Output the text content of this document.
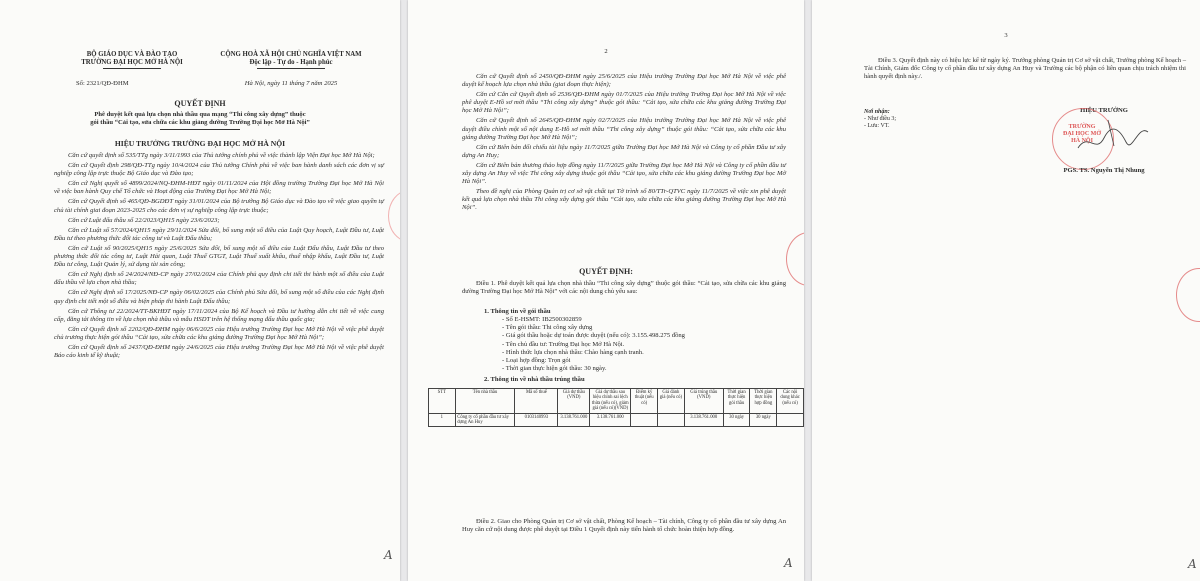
BỘ GIÁO DỤC VÀ ĐÀO TẠO
TRƯỜNG ĐẠI HỌC MỞ HÀ NỘI
Số: 2321/QĐ-ĐHM
CỘNG HOÀ XÃ HỘI CHỦ NGHĨA VIỆT NAM
Độc lập - Tự do - Hạnh phúc
Hà Nội, ngày 11 tháng 7 năm 2025
QUYẾT ĐỊNH
Phê duyệt kết quả lựa chọn nhà thầu qua mạng “Thi công xây dựng” thuộc
gói thầu “Cải tạo, sửa chữa các khu giảng đường Trường Đại học Mở Hà Nội”
HIỆU TRƯỞNG TRƯỜNG ĐẠI HỌC MỞ HÀ NỘI

Căn cứ quyết định số 535/TTg ngày 3/11/1993 của Thủ tướng chính phủ về việc thành lập Viện Đại học Mở Hà Nội;

Căn cứ Quyết định 298/QĐ-TTg ngày 10/4/2024 của Thủ tướng Chính phủ về việc ban hành danh sách các đơn vị sự nghiệp công lập trực thuộc Bộ Giáo dục và Đào tạo;

Căn cứ Nghị quyết số 4899/2024/NQ-ĐHM-HĐT ngày 01/11/2024 của Hội đồng trường Trường Đại học Mở Hà Nội về việc ban hành Quy chế Tổ chức và Hoạt động của Trường Đại học Mở Hà Nội;

Căn cứ Quyết định số 465/QĐ-BGDĐT ngày 31/01/2024 của Bộ trưởng Bộ Giáo dục và Đào tạo về việc giao quyền tự chủ tài chính giai đoạn 2023-2025 cho các đơn vị sự nghiệp công lập trực thuộc;

Căn cứ Luật đấu thầu số 22/2023/QH15 ngày 23/6/2023;

Căn cứ Luật số 57/2024/QH15 ngày 29/11/2024 Sửa đổi, bổ sung một số điều của Luật Quy hoạch, Luật Đầu tư, Luật Đầu tư theo phương thức đối tác công tư và Luật Đấu thầu;

Căn cứ Luật số 90/2025/QH15 ngày 25/6/2025 Sửa đổi, bổ sung một số điều của Luật Đấu thầu, Luật Đầu tư theo phương thức đối tác công tư, Luật Hải quan, Luật Thuế GTGT, Luật Thuế xuất khẩu, thuế nhập khẩu, Luật Đầu tư, Luật Đầu tư công, Luật Quản lý, sử dụng tài sản công;

Căn cứ Nghị định số 24/2024/NĐ-CP ngày 27/02/2024 của Chính phủ quy định chi tiết thi hành một số điều của Luật đấu thầu về lựa chọn nhà thầu;

Căn cứ Nghị định số 17/2025/NĐ-CP ngày 06/02/2025 của Chính phủ Sửa đổi, bổ sung một số điều của các Nghị định quy định chi tiết một số điều và biện pháp thi hành Luật Đấu thầu;

Căn cứ Thông tư 22/2024/TT-BKHĐT ngày 17/11/2024 của Bộ Kế hoạch và Đầu tư hướng dẫn chi tiết về việc cung cấp, đăng tải thông tin về lựa chọn nhà thầu và mẫu HSDT trên hệ thống mạng đấu thầu quốc gia;

Căn cứ Quyết định số 2202/QĐ-ĐHM ngày 06/6/2025 của Hiệu trưởng Trường Đại học Mở Hà Nội về việc phê duyệt chủ trương thực hiện gói thầu “Cải tạo, sửa chữa các khu giảng đường Trường Đại học Mở Hà Nội”;

Căn cứ Quyết định số 2437/QĐ-ĐHM ngày 24/6/2025 của Hiệu trưởng Trường Đại học Mở Hà Nội về việc phê duyệt Báo cáo kinh tế kỹ thuật;

A
2

Căn cứ Quyết định số 2450/QĐ-ĐHM ngày 25/6/2025 của Hiệu trưởng Trường Đại học Mở Hà Nội về việc phê duyệt kế hoạch lựa chọn nhà thầu (giai đoạn thực hiện);

Căn cứ Căn cứ Quyết định số 2536/QĐ-ĐHM ngày 01/7/2025 của Hiệu trưởng Trường Đại học Mở Hà Nội về việc phê duyệt E-Hồ sơ mời thầu “Thi công xây dựng” thuộc gói thầu: “Cải tạo, sửa chữa các khu giảng đường Trường Đại học Mở Hà Nội”;

Căn cứ Quyết định số 2645/QĐ-ĐHM ngày 02/7/2025 của Hiệu trưởng Trường Đại học Mở Hà Nội về việc phê duyệt điều chỉnh một số nội dung E-Hồ sơ mời thầu “Thi công xây dựng” thuộc gói thầu: “Cải tạo, sửa chữa các khu giảng đường Trường Đại học Mở Hà Nội”;

Căn cứ Biên bản đối chiếu tài liệu ngày 11/7/2025 giữa Trường Đại học Mở Hà Nội và Công ty cổ phần Đầu tư xây dựng An Huy;

Căn cứ Biên bản thương thảo hợp đồng ngày 11/7/2025 giữa Trường Đại học Mở Hà Nội và Công ty cổ phần đầu tư xây dựng An Huy về việc Thi công xây dựng thuộc gói thầu “Cải tạo, sửa chữa các khu giảng đường Trường Đại học Mở Hà Nội”.

Theo đề nghị của Phòng Quản trị cơ sở vật chất tại Tờ trình số 80/TTr-QTVC ngày 11/7/2025 về việc xin phê duyệt kết quả lựa chọn nhà thầu Thi công xây dựng gói thầu “Cải tạo, sửa chữa các khu giảng đường Trường Đại học Mở Hà Nội”.

QUYẾT ĐỊNH:

Điều 1. Phê duyệt kết quả lựa chọn nhà thầu “Thi công xây dựng” thuộc gói thầu: “Cải tạo, sửa chữa các khu giảng đường Trường Đại học Mở Hà Nội” với các nội dung chủ yếu sau:

1. Thông tin về gói thầu
- Số E-HSMT: IB2500302859
- Tên gói thầu: Thi công xây dựng
- Giá gói thầu hoặc dự toán được duyệt (nếu có): 3.155.498.275 đồng
- Tên chủ đầu tư: Trường Đại học Mở Hà Nội.
- Hình thức lựa chọn nhà thầu: Chào hàng cạnh tranh.
- Loại hợp đồng: Trọn gói
- Thời gian thực hiện gói thầu: 30 ngày.
2. Thông tin về nhà thầu trúng thầu
STT	Tên nhà thầu	Mã số thuế	Giá dự thầu (VND)	Giá dự thầu sau hiệu chỉnh sai lệch thừa (nếu có), giảm giá (nếu có)(VND)	Điểm kỹ thuật (nếu có)	Giá đánh giá (nếu có)	Giá trúng thầu (VND)	Thời gian thực hiện gói thầu	Thời gian thực hiện hợp đồng	Các nội dung khác (nếu có)
1	Công ty cổ phần đầu tư xây dựng An Huy	0103140993	3.138.761.000	3.138.761.000			3.138.761.000	30 ngày	30 ngày	

Điều 2. Giao cho Phòng Quản trị Cơ sở vật chất, Phòng Kế hoạch – Tài chính, Công ty cổ phần đầu tư xây dựng An Huy căn cứ nội dung được phê duyệt tại Điều 1 Quyết định này tiến hành tổ chức hoàn thiện hợp đồng.

A
3

Điều 3. Quyết định này có hiệu lực kể từ ngày ký. Trưởng phòng Quản trị Cơ sở vật chất, Trưởng phòng Kế hoạch – Tài Chính, Giám đốc Công ty cổ phần đầu tư xây dựng An Huy và Trường các bộ phận có liên quan chịu trách nhiệm thi hành quyết định này./.

Nơi nhận:
- Như điều 3;
- Lưu: VT.
HIỆU TRƯỞNG
TRƯỜNG
ĐẠI HỌC MỞ
HÀ NỘI
PGS. TS. Nguyễn Thị Nhung
A
